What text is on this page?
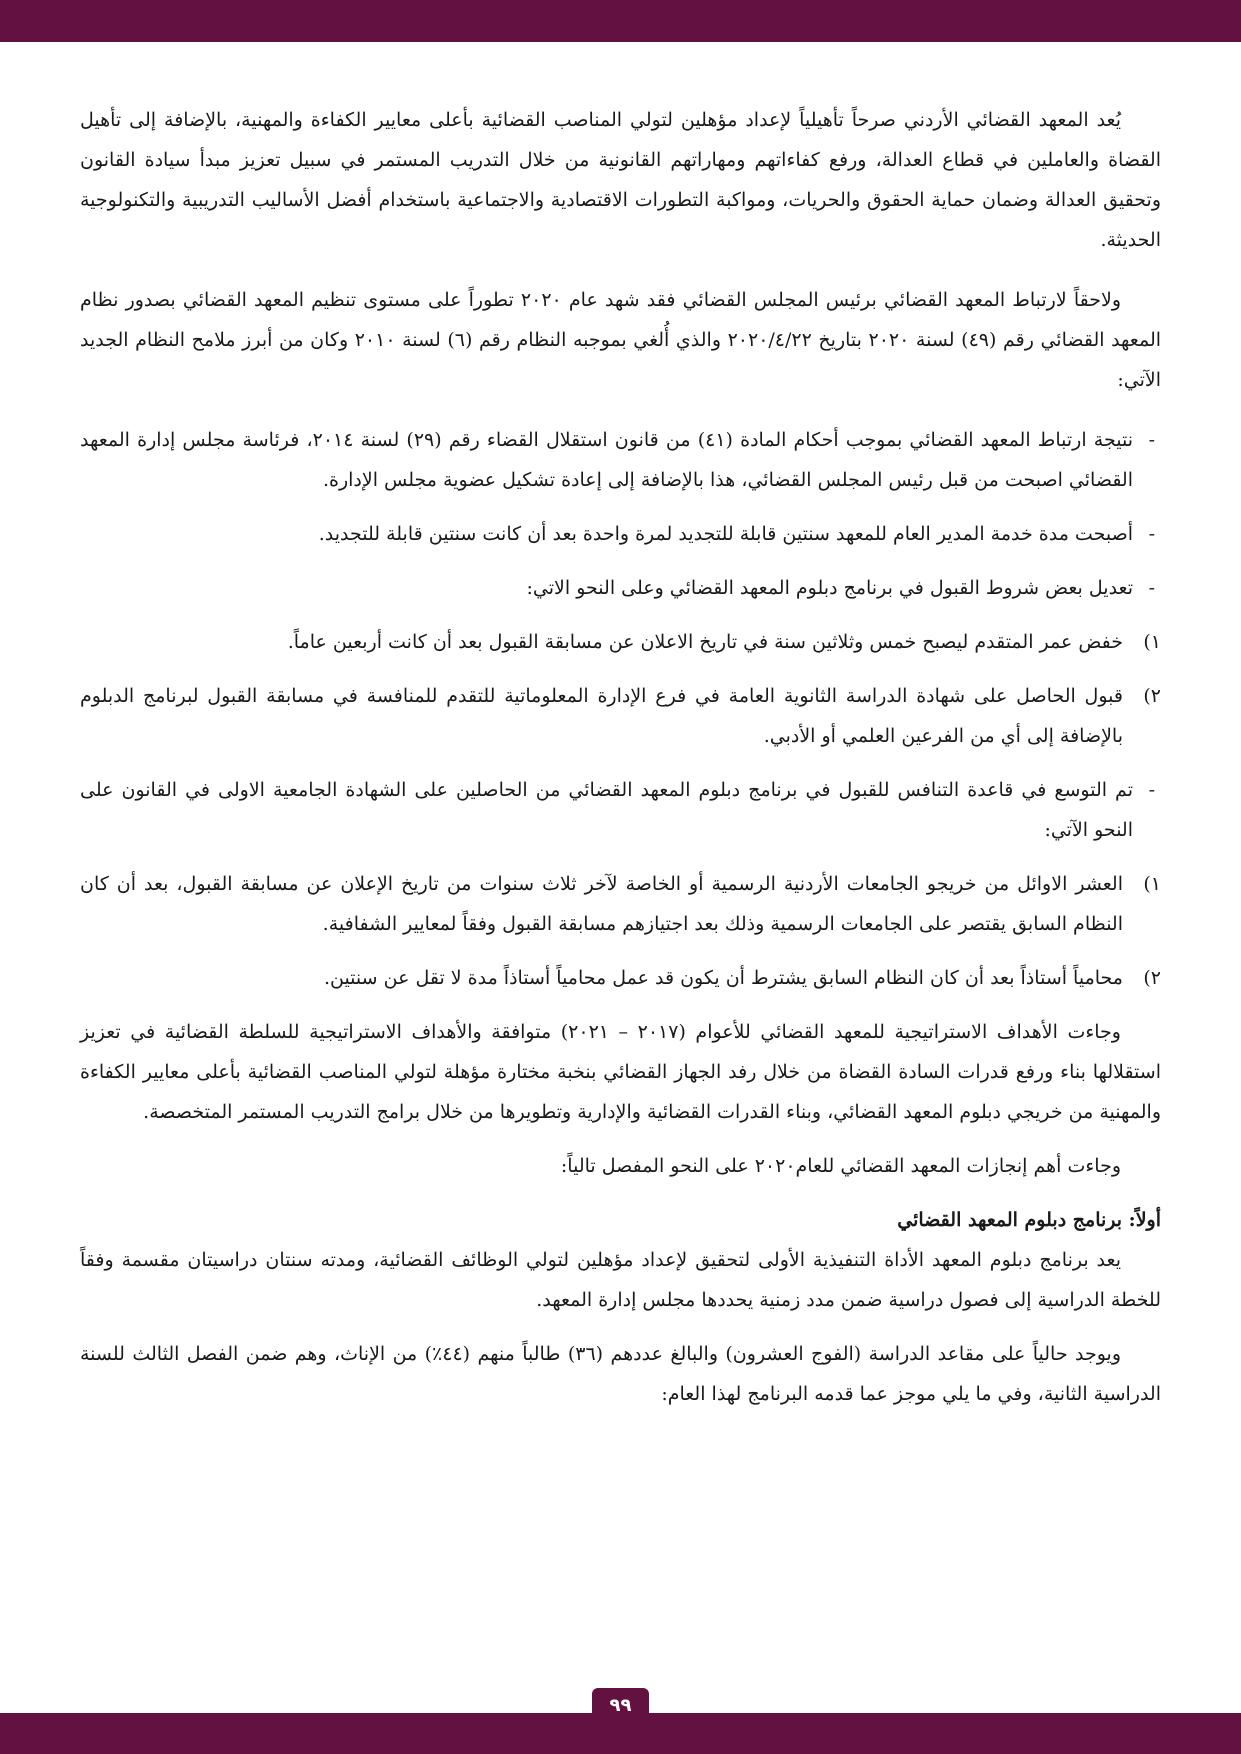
يُعد المعهد القضائي الأردني صرحاً تأهيلياً لإعداد مؤهلين لتولي المناصب القضائية بأعلى معايير الكفاءة والمهنية، بالإضافة إلى تأهيل القضاة والعاملين في قطاع العدالة، ورفع كفاءاتهم ومهاراتهم القانونية من خلال التدريب المستمر في سبيل تعزيز مبدأ سيادة القانون وتحقيق العدالة وضمان حماية الحقوق والحريات، ومواكبة التطورات الاقتصادية والاجتماعية باستخدام أفضل الأساليب التدريبية والتكنولوجية الحديثة.

ولاحقاً لارتباط المعهد القضائي برئيس المجلس القضائي فقد شهد عام ٢٠٢٠ تطوراً على مستوى تنظيم المعهد القضائي بصدور نظام المعهد القضائي رقم (٤٩) لسنة ٢٠٢٠ بتاريخ ٢٠٢٠/٤/٢٢ والذي أُلغي بموجبه النظام رقم (٦) لسنة ٢٠١٠ وكان من أبرز ملامح النظام الجديد الآتي:

-
نتيجة ارتباط المعهد القضائي بموجب أحكام المادة (٤١) من قانون استقلال القضاء رقم (٢٩) لسنة ٢٠١٤، فرئاسة مجلس إدارة المعهد القضائي اصبحت من قبل رئيس المجلس القضائي، هذا بالإضافة إلى إعادة تشكيل عضوية مجلس الإدارة.
-
أصبحت مدة خدمة المدير العام للمعهد سنتين قابلة للتجديد لمرة واحدة بعد أن كانت سنتين قابلة للتجديد.
-
تعديل بعض شروط القبول في برنامج دبلوم المعهد القضائي وعلى النحو الاتي:
١)
خفض عمر المتقدم ليصبح خمس وثلاثين سنة في تاريخ الاعلان عن مسابقة القبول بعد أن كانت أربعين عاماً.
٢)
قبول الحاصل على شهادة الدراسة الثانوية العامة في فرع الإدارة المعلوماتية للتقدم للمنافسة في مسابقة القبول لبرنامج الدبلوم بالإضافة إلى أي من الفرعين العلمي أو الأدبي.
-
تم التوسع في قاعدة التنافس للقبول في برنامج دبلوم المعهد القضائي من الحاصلين على الشهادة الجامعية الاولى في القانون على النحو الآتي:
١)
العشر الاوائل من خريجو الجامعات الأردنية الرسمية أو الخاصة لآخر ثلاث سنوات من تاريخ الإعلان عن مسابقة القبول، بعد أن كان النظام السابق يقتصر على الجامعات الرسمية وذلك بعد اجتيازهم مسابقة القبول وفقاً لمعايير الشفافية.
٢)
محامياً أستاذاً بعد أن كان النظام السابق يشترط أن يكون قد عمل محامياً أستاذاً مدة لا تقل عن سنتين.

وجاءت الأهداف الاستراتيجية للمعهد القضائي للأعوام (٢٠١٧ – ٢٠٢١) متوافقة والأهداف الاستراتيجية للسلطة القضائية في تعزيز استقلالها بناء ورفع قدرات السادة القضاة من خلال رفد الجهاز القضائي بنخبة مختارة مؤهلة لتولي المناصب القضائية بأعلى معايير الكفاءة والمهنية من خريجي دبلوم المعهد القضائي، وبناء القدرات القضائية والإدارية وتطويرها من خلال برامج التدريب المستمر المتخصصة.

وجاءت أهم إنجازات المعهد القضائي للعام٢٠٢٠ على النحو المفصل تالياً:

أولاً: برنامج دبلوم المعهد القضائي

يعد برنامج دبلوم المعهد الأداة التنفيذية الأولى لتحقيق لإعداد مؤهلين لتولي الوظائف القضائية، ومدته سنتان دراسيتان مقسمة وفقاً للخطة الدراسية إلى فصول دراسية ضمن مدد زمنية يحددها مجلس إدارة المعهد.

ويوجد حالياً على مقاعد الدراسة (الفوج العشرون) والبالغ عددهم (٣٦) طالباً منهم (٤٤٪) من الإناث، وهم ضمن الفصل الثالث للسنة الدراسية الثانية، وفي ما يلي موجز عما قدمه البرنامج لهذا العام:

٩٩
